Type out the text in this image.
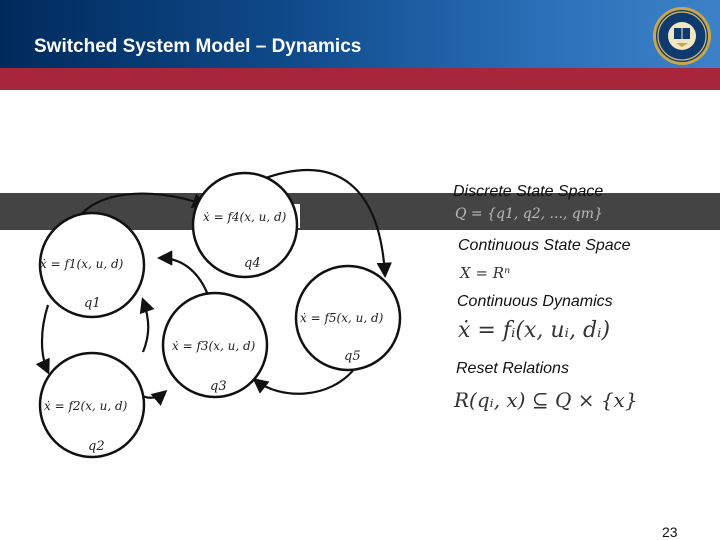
Switched System Model – Dynamics
ẋ = f1(x, u, d)
ẋ = f2(x, u, d)
ẋ = f3(x, u, d)
ẋ = f4(x, u, d)
ẋ = f5(x, u, d)
q1
q2
q3
q4
q5
Discrete State Space
Q = {q1, q2, ..., qm}
Continuous State Space
X = Rⁿ
Continuous Dynamics
ẋ = fᵢ(x, uᵢ, dᵢ)
Reset Relations
R(qᵢ, x) ⊆ Q × {x}
23
